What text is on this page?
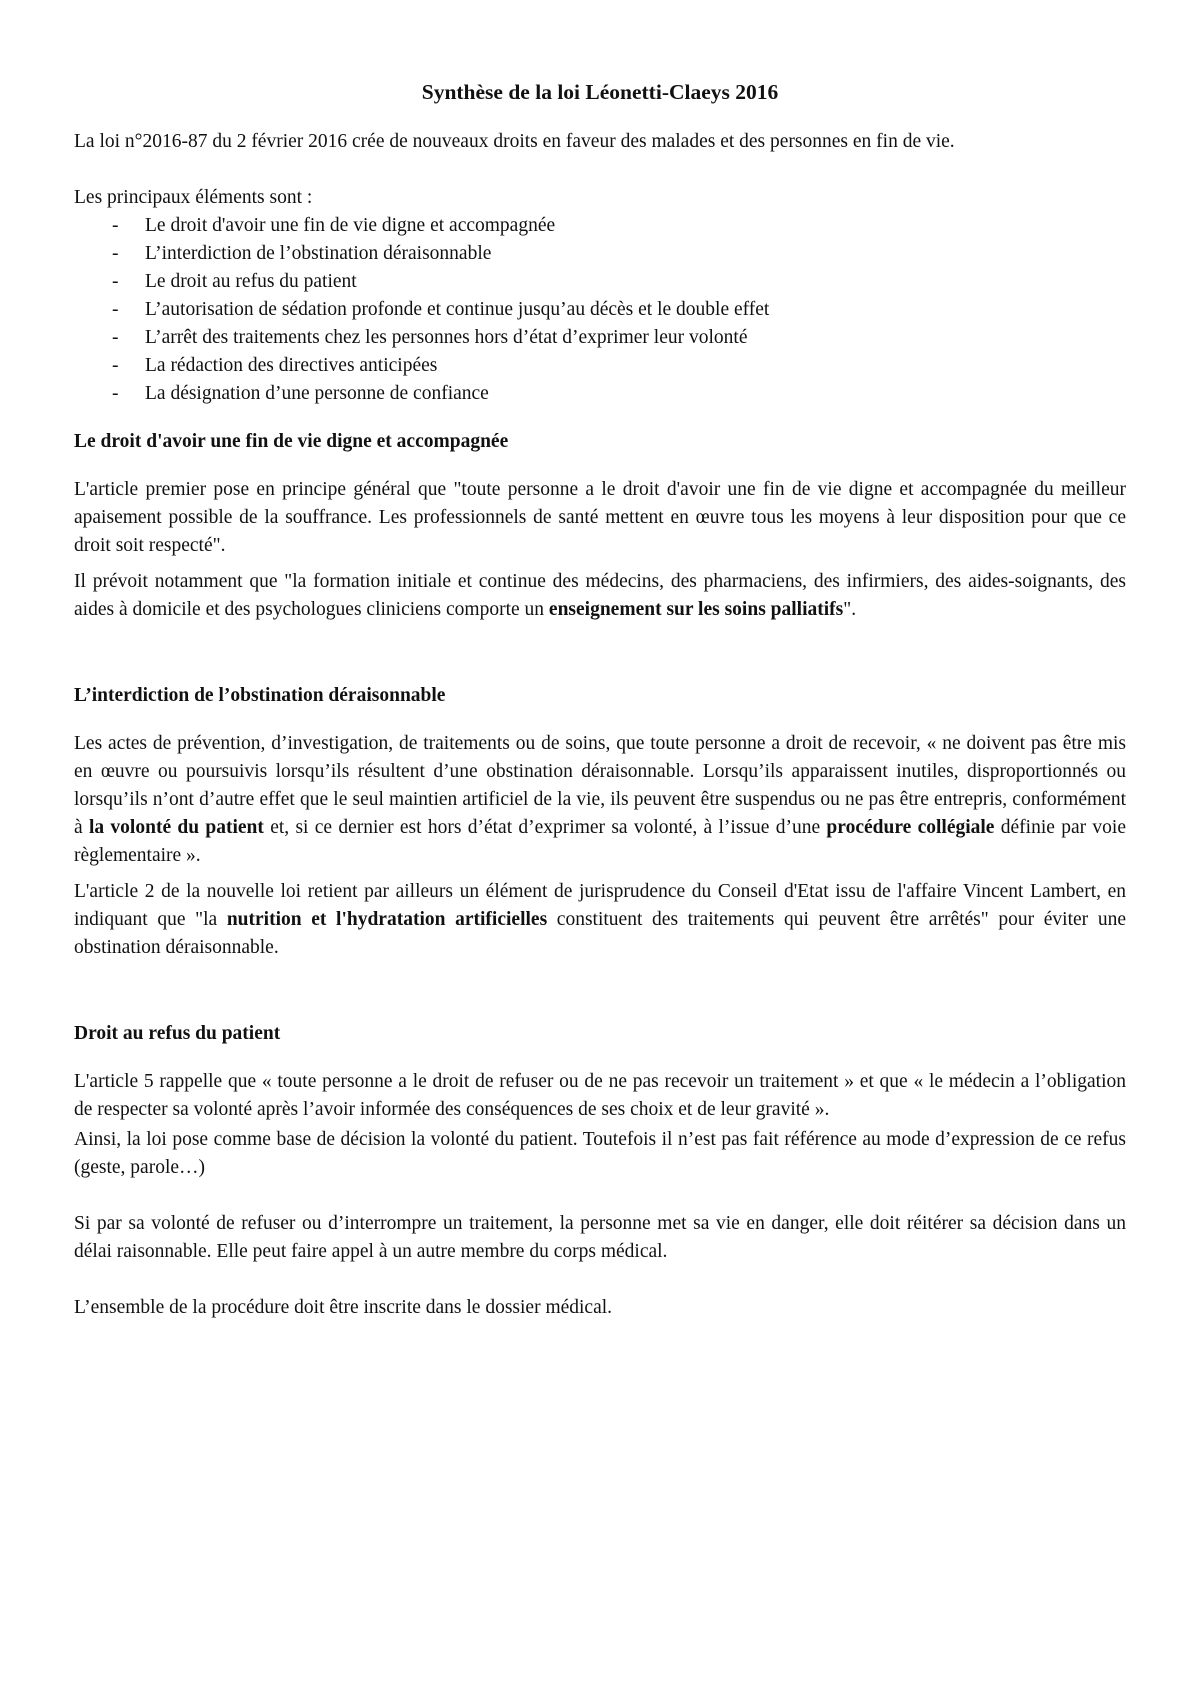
Synthèse de la loi Léonetti-Claeys 2016

La loi n°2016-87 du 2 février 2016 crée de nouveaux droits en faveur des malades et des personnes en fin de vie.

Les principaux éléments sont :

- Le droit d'avoir une fin de vie digne et accompagnée
- L’interdiction de l’obstination déraisonnable
- Le droit au refus du patient
- L’autorisation de sédation profonde et continue jusqu’au décès et le double effet
- L’arrêt des traitements chez les personnes hors d’état d’exprimer leur volonté
- La rédaction des directives anticipées
- La désignation d’une personne de confiance
Le droit d'avoir une fin de vie digne et accompagnée

L'article premier pose en principe général que "toute personne a le droit d'avoir une fin de vie digne et accompagnée du meilleur apaisement possible de la souffrance. Les professionnels de santé mettent en œuvre tous les moyens à leur disposition pour que ce droit soit respecté".

Il prévoit notamment que "la formation initiale et continue des médecins, des pharmaciens, des infirmiers, des aides-soignants, des aides à domicile et des psychologues cliniciens comporte un enseignement sur les soins palliatifs".

L’interdiction de l’obstination déraisonnable

Les actes de prévention, d’investigation, de traitements ou de soins, que toute personne a droit de recevoir, « ne doivent pas être mis en œuvre ou poursuivis lorsqu’ils résultent d’une obstination déraisonnable. Lorsqu’ils apparaissent inutiles, disproportionnés ou lorsqu’ils n’ont d’autre effet que le seul maintien artificiel de la vie, ils peuvent être suspendus ou ne pas être entrepris, conformément à la volonté du patient et, si ce dernier est hors d’état d’exprimer sa volonté, à l’issue d’une procédure collégiale définie par voie règlementaire ».

L'article 2 de la nouvelle loi retient par ailleurs un élément de jurisprudence du Conseil d'Etat issu de l'affaire Vincent Lambert, en indiquant que "la nutrition et l'hydratation artificielles constituent des traitements qui peuvent être arrêtés" pour éviter une obstination déraisonnable.

Droit au refus du patient

L'article 5 rappelle que « toute personne a le droit de refuser ou de ne pas recevoir un traitement » et que « le médecin a l’obligation de respecter sa volonté après l’avoir informée des conséquences de ses choix et de leur gravité ».

Ainsi, la loi pose comme base de décision la volonté du patient. Toutefois il n’est pas fait référence au mode d’expression de ce refus (geste, parole…)

Si par sa volonté de refuser ou d’interrompre un traitement, la personne met sa vie en danger, elle doit réitérer sa décision dans un délai raisonnable. Elle peut faire appel à un autre membre du corps médical.

L’ensemble de la procédure doit être inscrite dans le dossier médical.
